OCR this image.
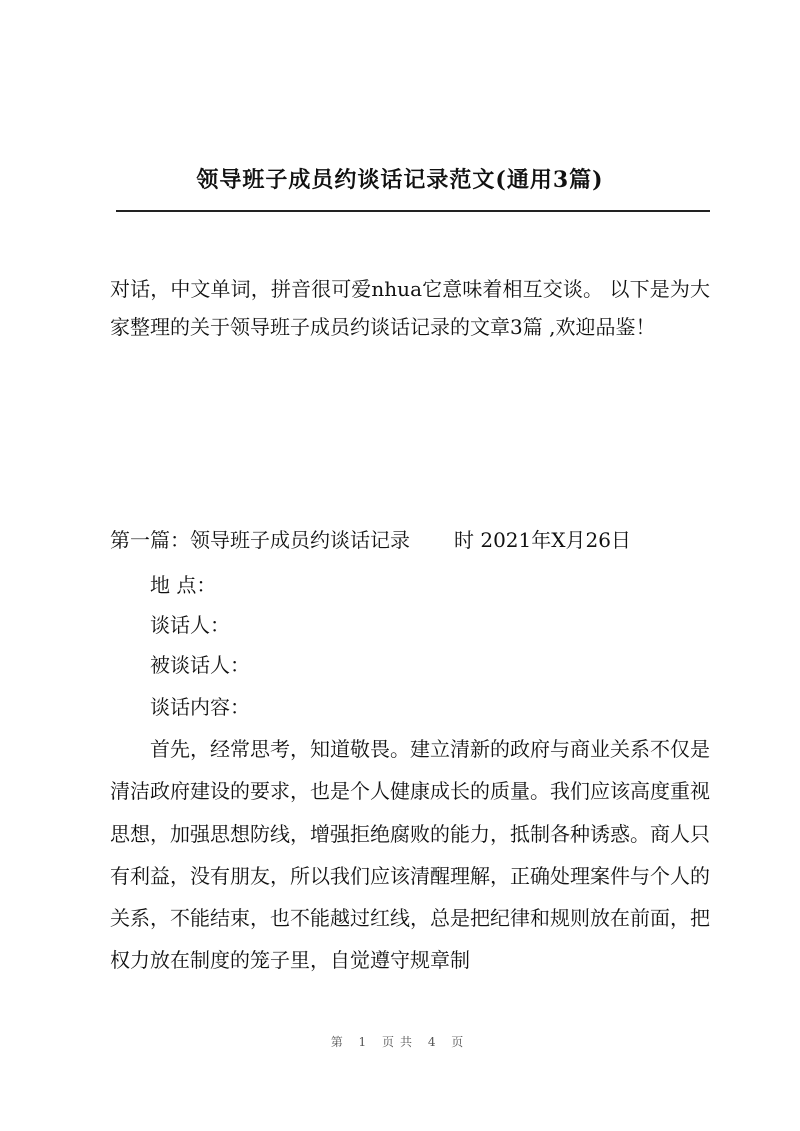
领导班子成员约谈话记录范文(通用3篇)

对话，中文单词，拼音很可爱nhua它意味着相互交谈。 以下是为大家整理的关于领导班子成员约谈话记录的文章3篇 ,欢迎品鉴！

第一篇：领导班子成员约谈话记录 时 2021年X月26日
地 点：
谈话人：
被谈话人：
谈话内容：

首先，经常思考，知道敬畏。建立清新的政府与商业关系不仅是清洁政府建设的要求，也是个人健康成长的质量。我们应该高度重视思想，加强思想防线，增强拒绝腐败的能力，抵制各种诱惑。商人只有利益，没有朋友，所以我们应该清醒理解，正确处理案件与个人的关系，不能结束，也不能越过红线，总是把纪律和规则放在前面，把权力放在制度的笼子里，自觉遵守规章制

第 1 页共 4 页
